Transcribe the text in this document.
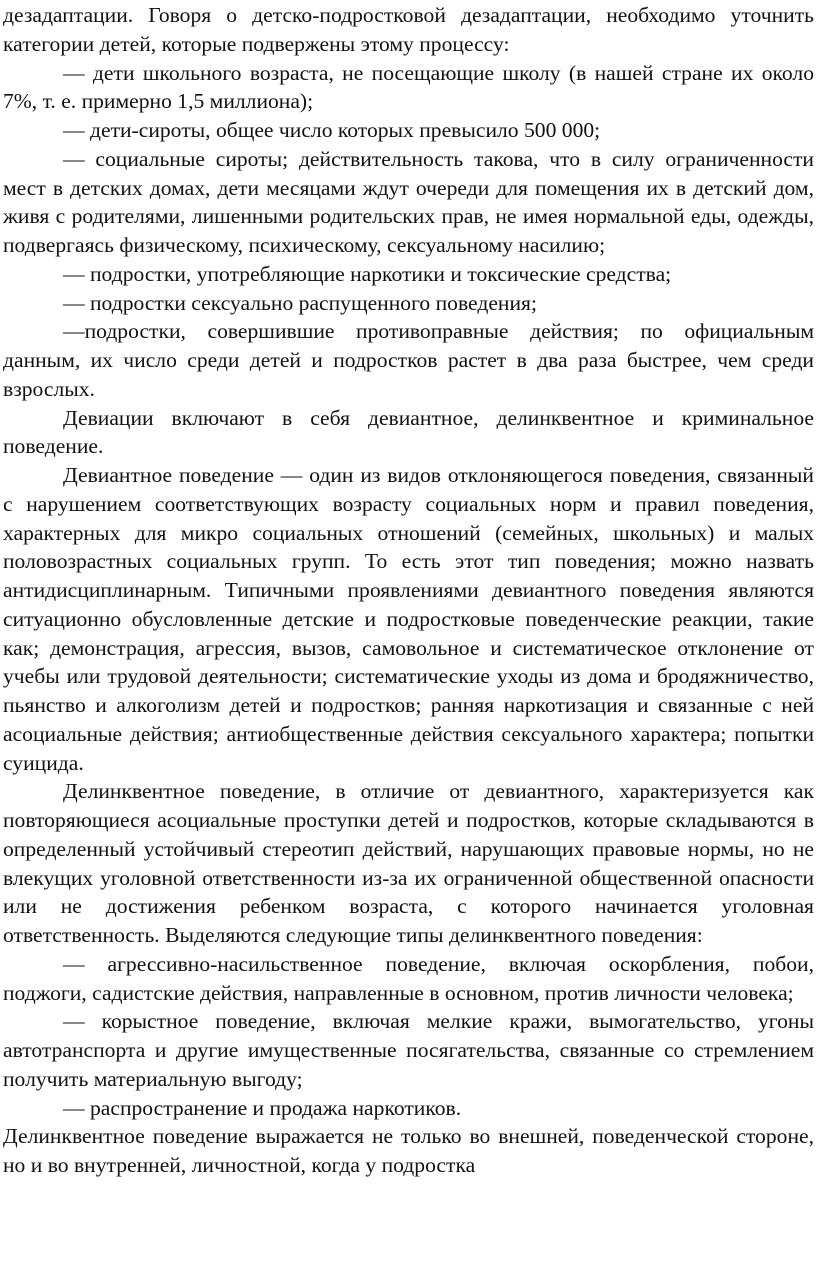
дезадаптации. Говоря о детско-подростковой дезадаптации, необходимо уточнить категории детей, которые подвержены этому процессу:

— дети школьного возраста, не посещающие школу (в нашей стране их около 7%, т. е. примерно 1,5 миллиона);

— дети-сироты, общее число которых превысило 500 000;

— социальные сироты; действительность такова, что в силу ограниченности мест в детских домах, дети месяцами ждут очереди для помещения их в детский дом, живя с родителями, лишенными родительских прав, не имея нормальной еды, одежды, подвергаясь физическому, психическому, сексуальному насилию;

— подростки, употребляющие наркотики и токсические средства;

— подростки сексуально распущенного поведения;

—подростки, совершившие противоправные действия; по официальным данным, их число среди детей и подростков растет в два раза быстрее, чем среди взрослых.

Девиации включают в себя девиантное, делинквентное и криминальное поведение.

Девиантное поведение — один из видов отклоняющегося поведения, связанный с нарушением соответствующих возрасту социальных норм и правил поведения, характерных для микро социальных отношений (семейных, школьных) и малых половозрастных социальных групп. То есть этот тип поведения; можно назвать антидисциплинарным. Типичными проявлениями девиантного поведения являются ситуационно обусловленные детские и подростковые поведенческие реакции, такие как; демонстрация, агрессия, вызов, самовольное и систематическое отклонение от учебы или трудовой деятельности; систематические уходы из дома и бродяжничество, пьянство и алкоголизм детей и подростков; ранняя наркотизация и связанные с ней асоциальные действия; антиобщественные действия сексуального характера; попытки суицида.

Делинквентное поведение, в отличие от девиантного, характеризуется как повторяющиеся асоциальные проступки детей и подростков, которые складываются в определенный устойчивый стереотип действий, нарушающих правовые нормы, но не влекущих уголовной ответственности из-за их ограниченной общественной опасности или не достижения ребенком возраста, с которого начинается уголовная ответственность. Выделяются следующие типы делинквентного поведения:

— агрессивно-насильственное поведение, включая оскорбления, побои, поджоги, садистские действия, направленные в основном, против личности человека;

— корыстное поведение, включая мелкие кражи, вымогательство, угоны автотранспорта и другие имущественные посягательства, связанные со стремлением получить материальную выгоду;

— распространение и продажа наркотиков.

Делинквентное поведение выражается не только во внешней, поведенческой стороне, но и во внутренней, личностной, когда у подростка
